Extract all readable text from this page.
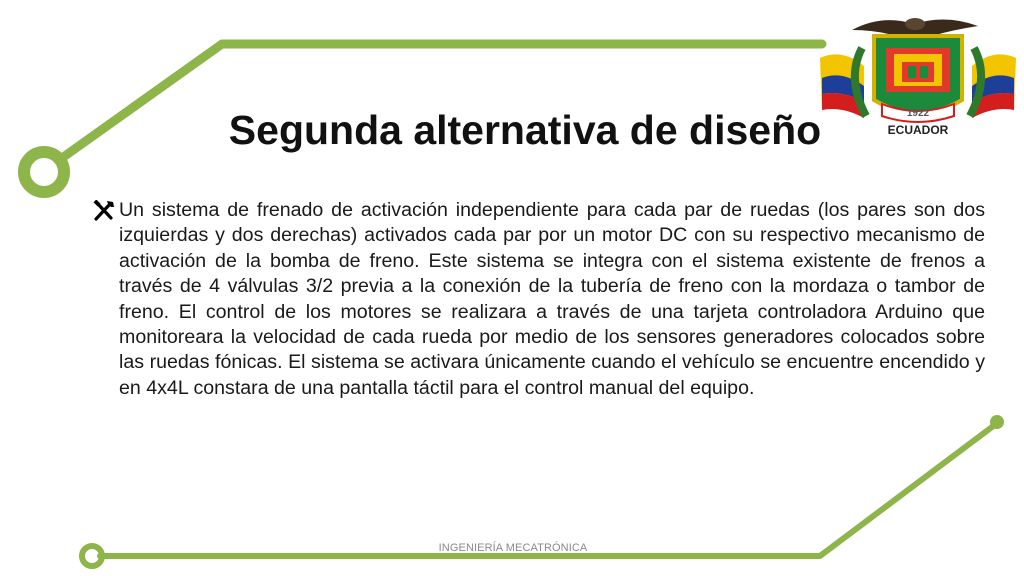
1922
ECUADOR
Segunda alternativa de diseño

Un sistema de frenado de activación independiente para cada par de ruedas (los pares son dos izquierdas y dos derechas) activados cada par por un motor DC con su respectivo mecanismo de activación de la bomba de freno. Este sistema se integra con el sistema existente de frenos a través de 4 válvulas 3/2 previa a la conexión de la tubería de freno con la mordaza o tambor de freno. El control de los motores se realizara a través de una tarjeta controladora Arduino que monitoreara la velocidad de cada rueda por medio de los sensores generadores colocados sobre las ruedas fónicas. El sistema se activara únicamente cuando el vehículo se encuentre encendido y en 4x4L constara de una pantalla táctil para el control manual del equipo.

INGENIERÍA MECATRÓNICA
